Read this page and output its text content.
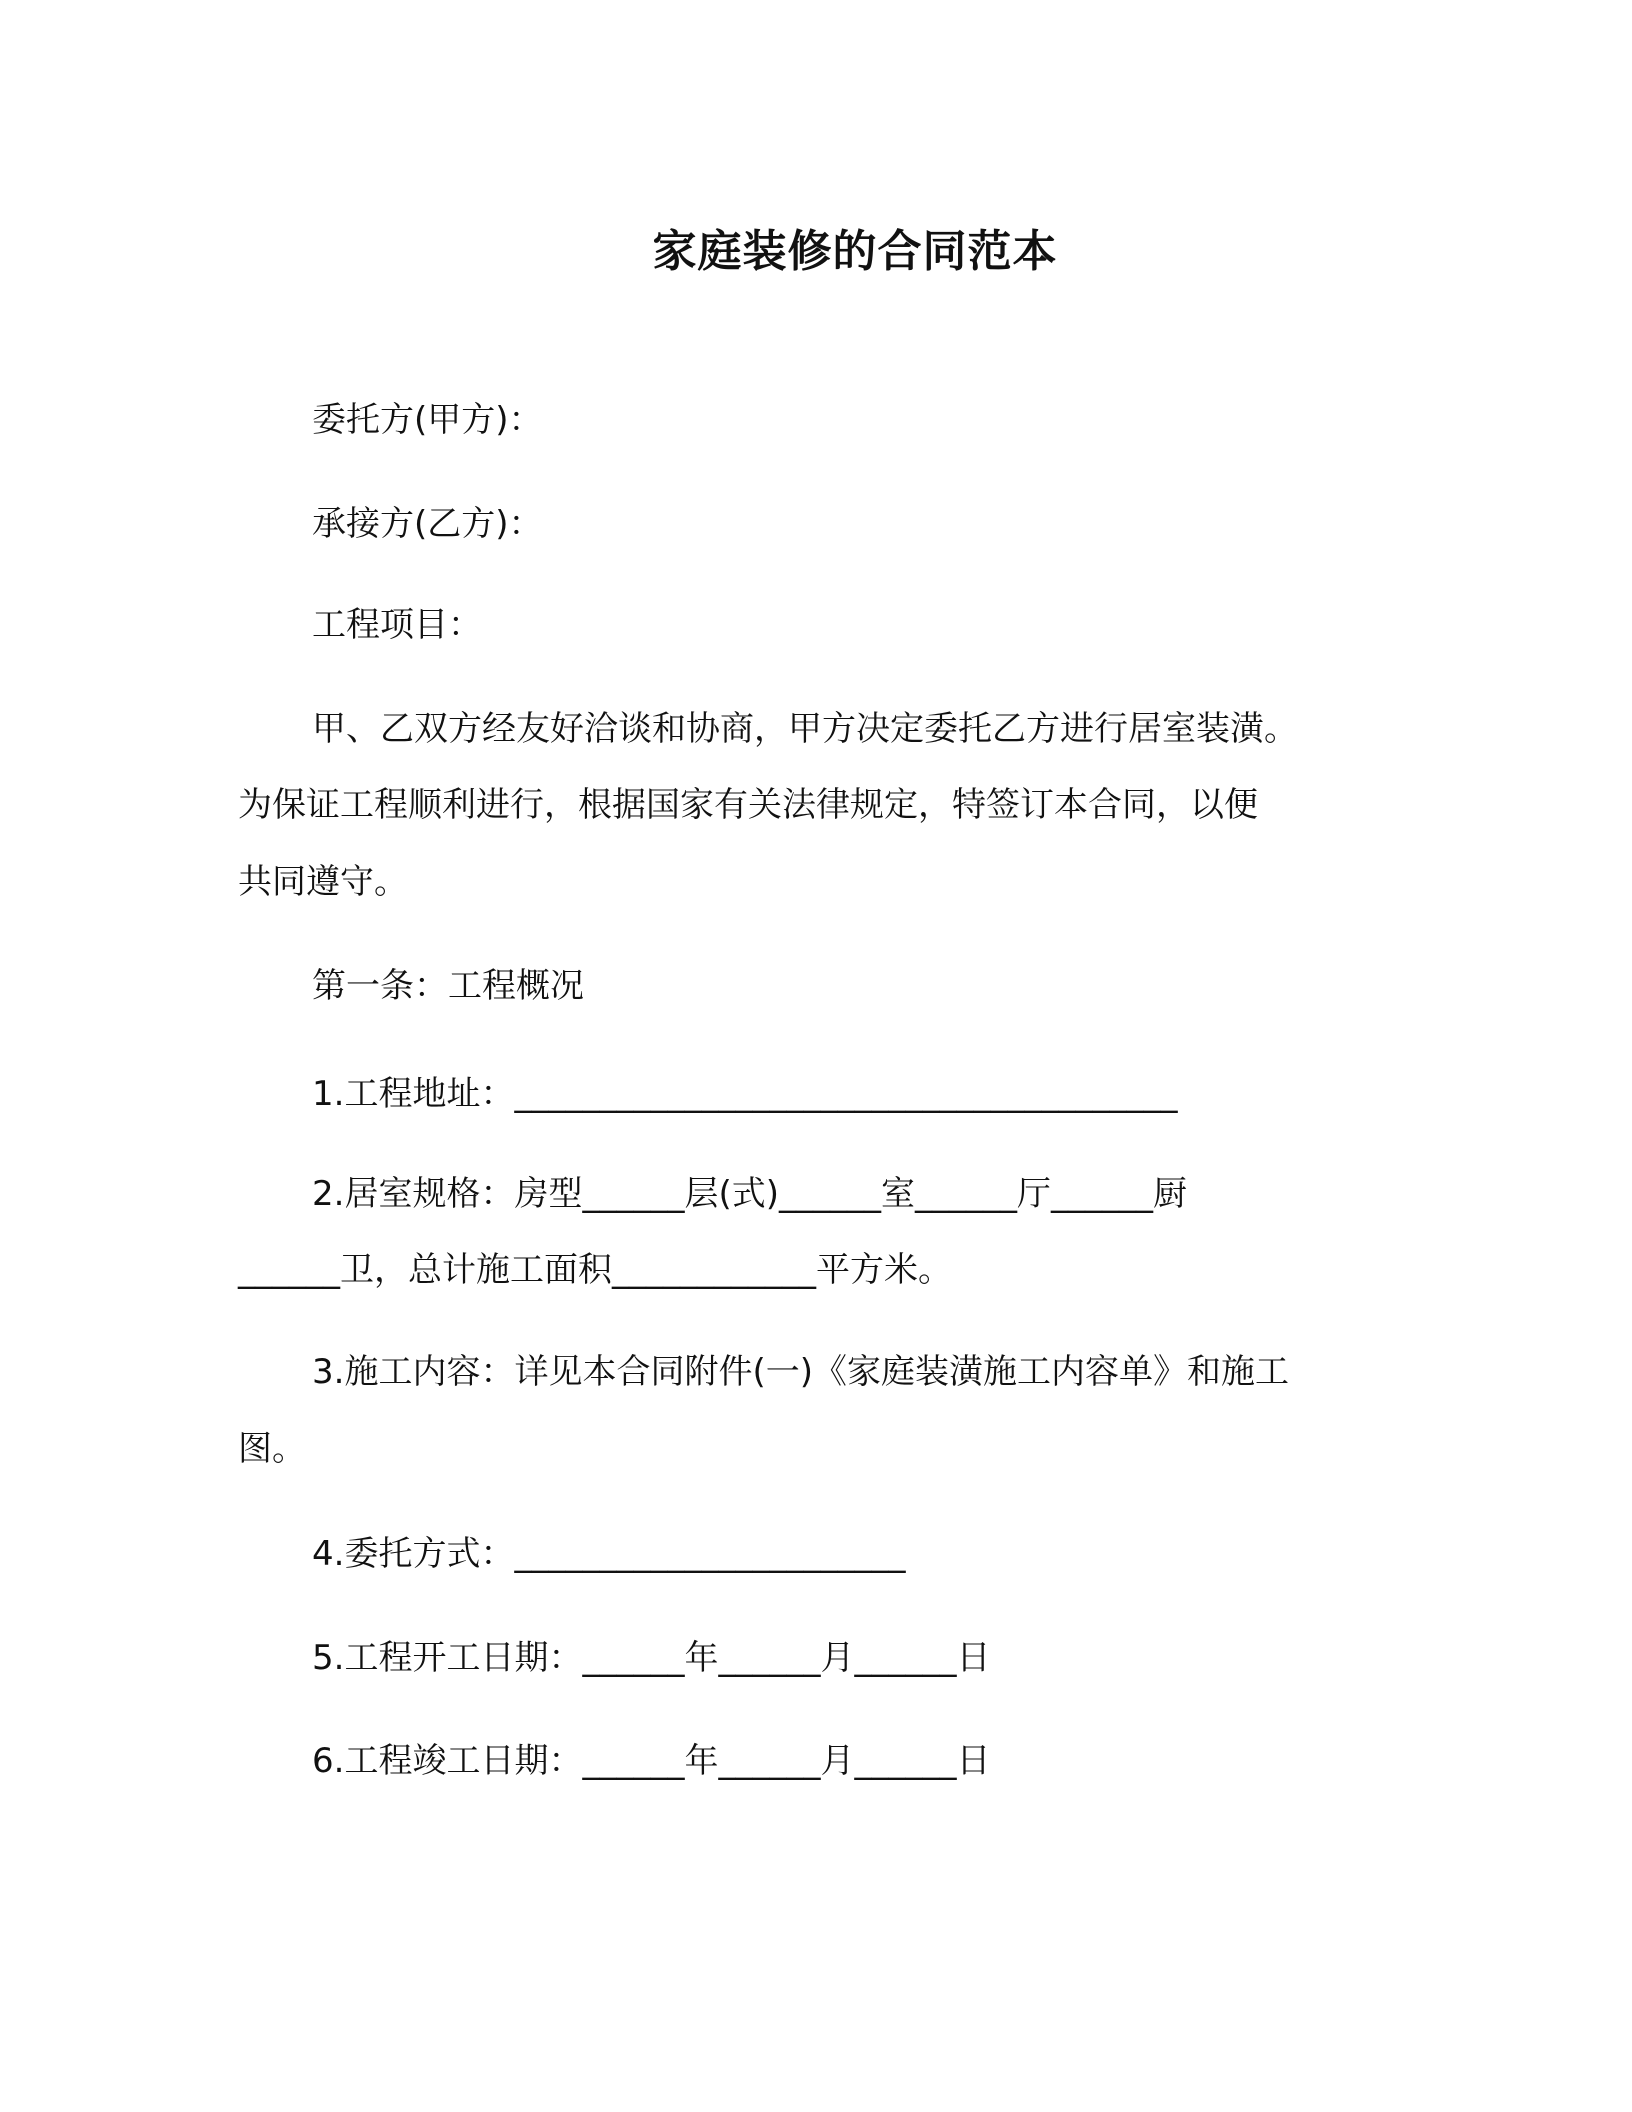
家庭装修的合同范本

委托方(甲方)：

承接方(乙方)：

工程项目：

甲、乙双方经友好洽谈和协商，甲方决定委托乙方进行居室装潢。

为保证工程顺利进行，根据国家有关法律规定，特签订本合同，以便

共同遵守。

第一条：工程概况

1.工程地址：_______________________________________

2.居室规格：房型______层(式)______室______厅______厨

______卫，总计施工面积____________平方米。

3.施工内容：详见本合同附件(一)《家庭装潢施工内容单》和施工

图。

4.委托方式：_______________________

5.工程开工日期：______年______月______日

6.工程竣工日期：______年______月______日
